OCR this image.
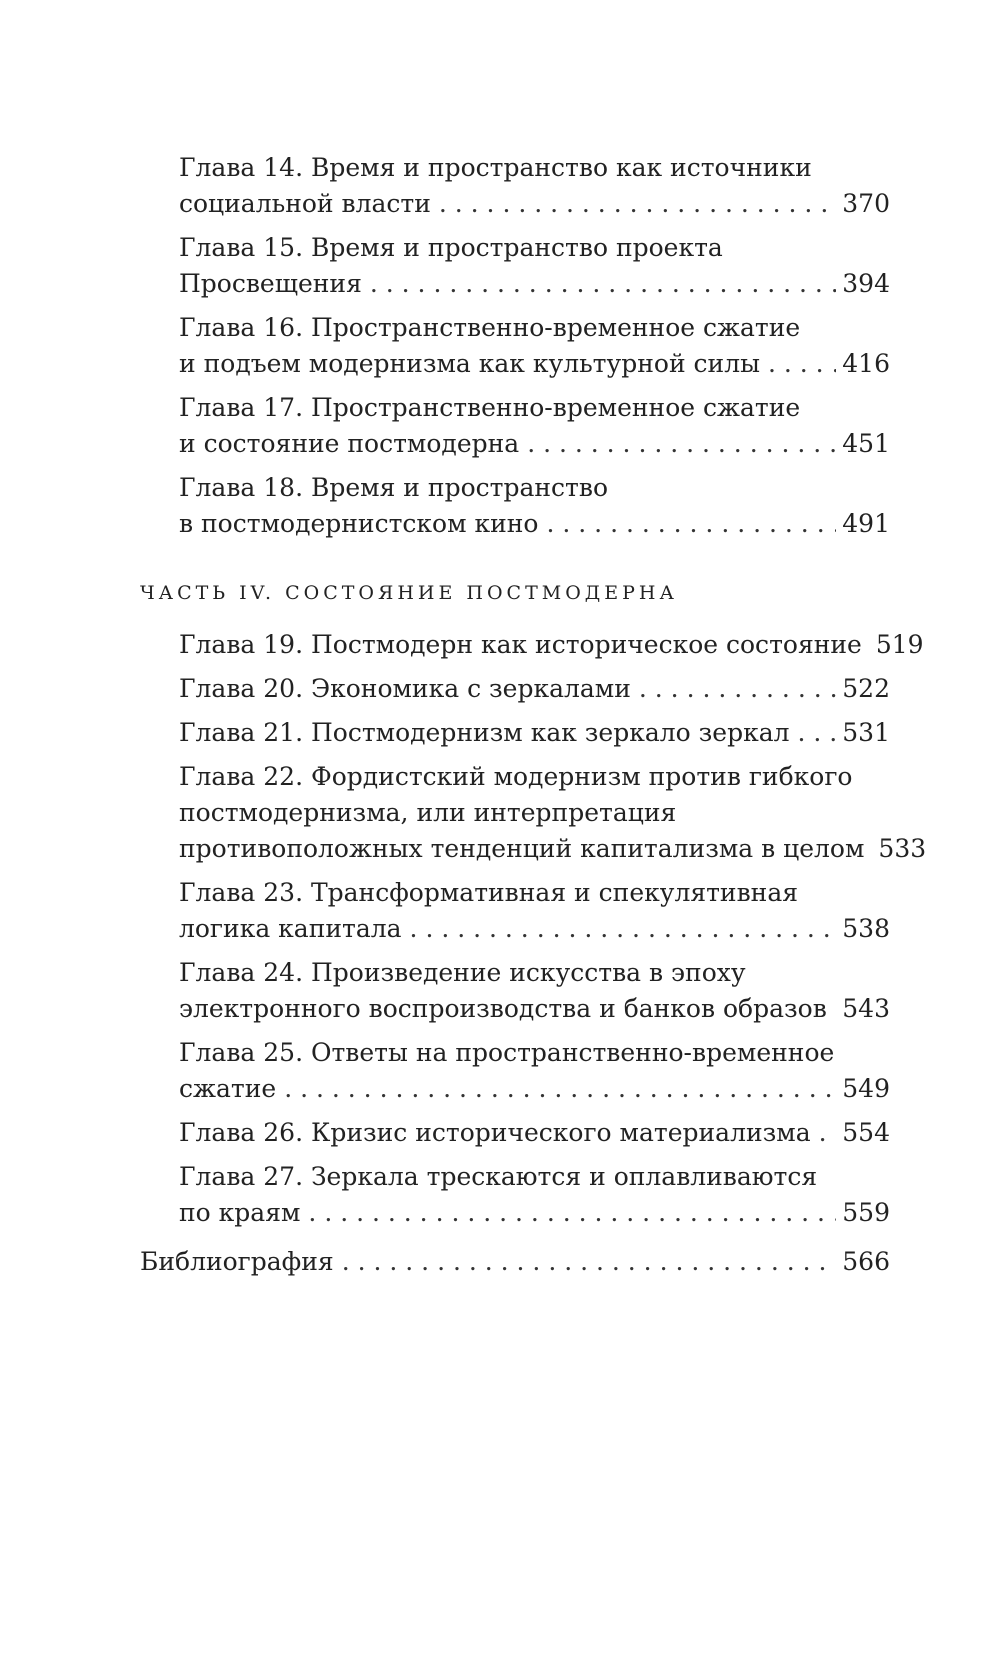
Глава 14. Время и пространство как источники
социальной власти . . .	370
Глава 15. Время и пространство проекта
Просвещения . . .	394
Глава 16. Пространственно-временное сжатие
и подъем модернизма как культурной силы . . .	416
Глава 17. Пространственно-временное сжатие
и состояние постмодерна . . .	451
Глава 18. Время и пространство
в постмодернистском кино . . .	491
ЧАСТЬ IV. СОСТОЯНИЕ ПОСТМОДЕРНА
Глава 19. Постмодерн как историческое состояние 519
Глава 20. Экономика с зеркалами . . .	522
Глава 21. Постмодернизм как зеркало зеркал . . . 531
Глава 22. Фордистский модернизм против гибкого
постмодернизма, или интерпретация
противоположных тенденций капитализма в целом 533
Глава 23. Трансформативная и спекулятивная
логика капитала . . .	538
Глава 24. Произведение искусства в эпоху
электронного воспроизводства и банков образов . . . 543
Глава 25. Ответы на пространственно-временное
сжатие . . .	549
Глава 26. Кризис исторического материализма . . . 554
Глава 27. Зеркала трескаются и оплавливаются
по краям . . .	559
Библиография . . .	566
